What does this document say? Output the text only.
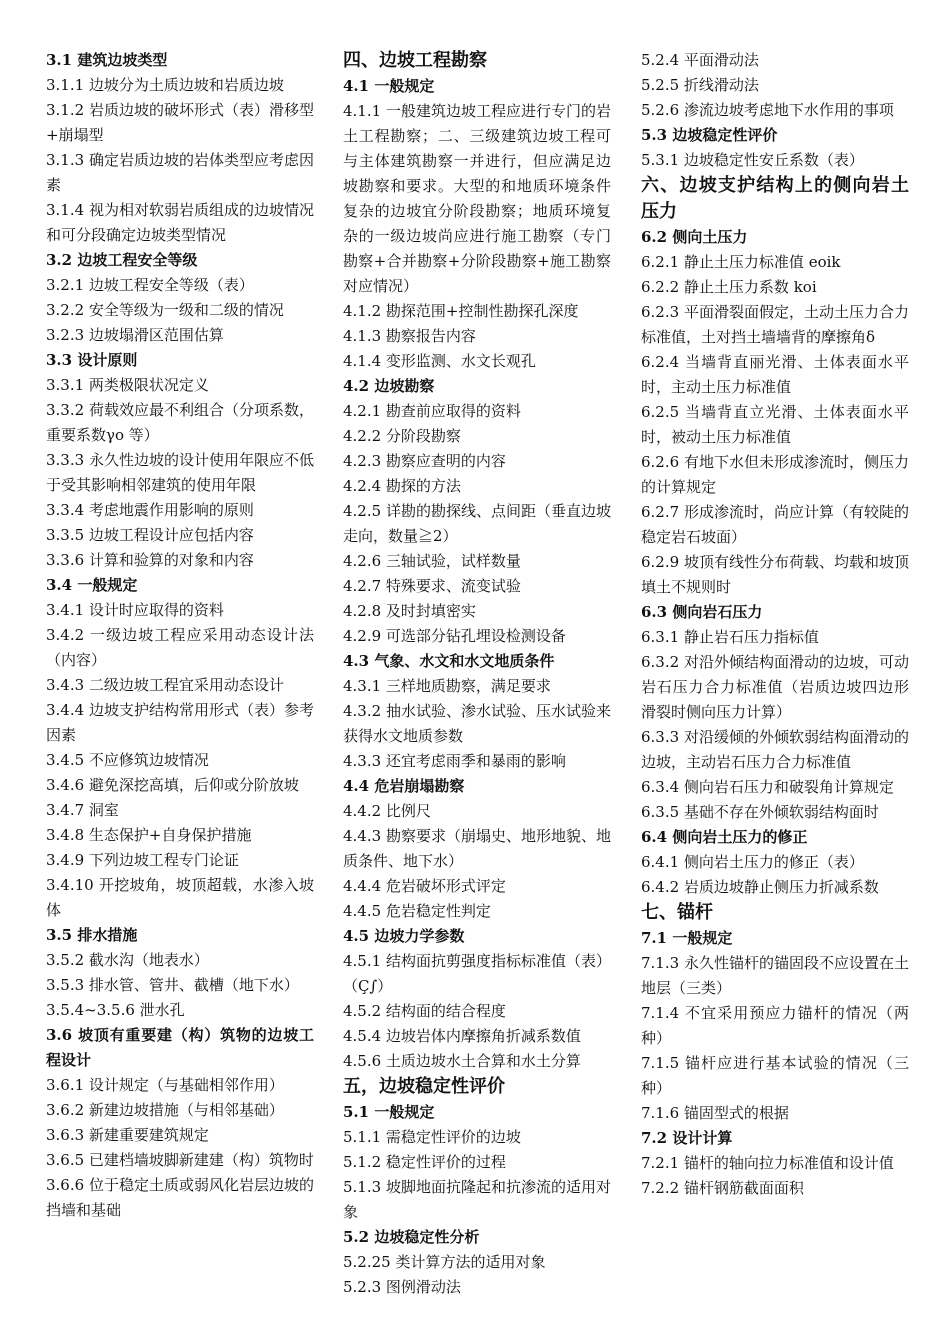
3.1 建筑边坡类型
3.1.1 边坡分为土质边坡和岩质边坡
3.1.2 岩质边坡的破坏形式（表）滑移型+崩塌型
3.1.3 确定岩质边坡的岩体类型应考虑因素
3.1.4 视为相对软弱岩质组成的边坡情况和可分段确定边坡类型情况
3.2 边坡工程安全等级
3.2.1 边坡工程安全等级（表）
3.2.2 安全等级为一级和二级的情况
3.2.3 边坡塌滑区范围估算
3.3 设计原则
3.3.1 两类极限状况定义
3.3.2 荷载效应最不利组合（分项系数，重要系数γo 等）
3.3.3 永久性边坡的设计使用年限应不低于受其影响相邻建筑的使用年限
3.3.4 考虑地震作用影响的原则
3.3.5 边坡工程设计应包括内容
3.3.6 计算和验算的对象和内容
3.4 一般规定
3.4.1 设计时应取得的资料
3.4.2 一级边坡工程应采用动态设计法（内容）
3.4.3 二级边坡工程宜采用动态设计
3.4.4 边坡支护结构常用形式（表）参考因素
3.4.5 不应修筑边坡情况
3.4.6 避免深挖高填，后仰或分阶放坡
3.4.7 洞室
3.4.8 生态保护+自身保护措施
3.4.9 下列边坡工程专门论证
3.4.10 开挖坡角，坡顶超载，水渗入坡体
3.5 排水措施
3.5.2 截水沟（地表水）
3.5.3 排水管、管井、截槽（地下水）
3.5.4~3.5.6 泄水孔
3.6 坡顶有重要建（构）筑物的边坡工程设计
3.6.1 设计规定（与基础相邻作用）
3.6.2 新建边坡措施（与相邻基础）
3.6.3 新建重要建筑规定
3.6.5 已建档墙坡脚新建建（构）筑物时
3.6.6 位于稳定土质或弱风化岩层边坡的挡墙和基础
四、边坡工程勘察
4.1 一般规定
4.1.1 一般建筑边坡工程应进行专门的岩土工程勘察；二、三级建筑边坡工程可与主体建筑勘察一并进行，但应满足边坡勘察和要求。大型的和地质环境条件复杂的边坡宜分阶段勘察；地质环境复杂的一级边坡尚应进行施工勘察（专门勘察+合并勘察+分阶段勘察+施工勘察对应情况）
4.1.2 勘探范围+控制性勘探孔深度
4.1.3 勘察报告内容
4.1.4 变形监测、水文长观孔
4.2 边坡勘察
4.2.1 勘查前应取得的资料
4.2.2 分阶段勘察
4.2.3 勘察应查明的内容
4.2.4 勘探的方法
4.2.5 详勘的勘探线、点间距（垂直边坡走向，数量≧2）
4.2.6 三轴试验，试样数量
4.2.7 特殊要求、流变试验
4.2.8 及时封填密实
4.2.9 可选部分钻孔埋设检测设备
4.3 气象、水文和水文地质条件
4.3.1 三样地质勘察，满足要求
4.3.2 抽水试验、渗水试验、压水试验来获得水文地质参数
4.3.3 还宜考虑雨季和暴雨的影响
4.4 危岩崩塌勘察
4.4.2 比例尺
4.4.3 勘察要求（崩塌史、地形地貌、地质条件、地下水）
4.4.4 危岩破坏形式评定
4.4.5 危岩稳定性判定
4.5 边坡力学参数
4.5.1 结构面抗剪强度指标标准值（表）（Ç∫）
4.5.2 结构面的结合程度
4.5.4 边坡岩体内摩擦角折减系数值
4.5.6 土质边坡水土合算和水土分算
五，边坡稳定性评价
5.1 一般规定
5.1.1 需稳定性评价的边坡
5.1.2 稳定性评价的过程
5.1.3 坡脚地面抗隆起和抗渗流的适用对象
5.2 边坡稳定性分析
5.2.25 类计算方法的适用对象
5.2.3 图例滑动法
5.2.4 平面滑动法
5.2.5 折线滑动法
5.2.6 渗流边坡考虑地下水作用的事项
5.3 边坡稳定性评价
5.3.1 边坡稳定性安丘系数（表）
六、边坡支护结构上的侧向岩土压力
6.2 侧向土压力
6.2.1 静止土压力标准值 eoik
6.2.2 静止土压力系数 koi
6.2.3 平面滑裂面假定，土动土压力合力标准值，土对挡土墙墙背的摩擦角δ
6.2.4 当墙背直丽光滑、土体表面水平时，主动土压力标准值
6.2.5 当墙背直立光滑、土体表面水平时，被动土压力标准值
6.2.6 有地下水但未形成渗流时，侧压力的计算规定
6.2.7 形成渗流时，尚应计算（有较陡的稳定岩石坡面）
6.2.9 坡顶有线性分布荷载、均载和坡顶填土不规则时
6.3 侧向岩石压力
6.3.1 静止岩石压力指标值
6.3.2 对沿外倾结构面滑动的边坡，可动岩石压力合力标准值（岩质边坡四边形滑裂时侧向压力计算）
6.3.3 对沿缓倾的外倾软弱结构面滑动的边坡，主动岩石压力合力标准值
6.3.4 侧向岩石压力和破裂角计算规定
6.3.5 基础不存在外倾软弱结构面时
6.4 侧向岩土压力的修正
6.4.1 侧向岩土压力的修正（表）
6.4.2 岩质边坡静止侧压力折减系数
七、锚杆
7.1 一般规定
7.1.3 永久性锚杆的锚固段不应设置在土地层（三类）
7.1.4 不宜采用预应力锚杆的情况（两种）
7.1.5 锚杆应进行基本试验的情况（三种）
7.1.6 锚固型式的根据
7.2 设计计算
7.2.1 锚杆的轴向拉力标准值和设计值
7.2.2 锚杆钢筋截面面积
